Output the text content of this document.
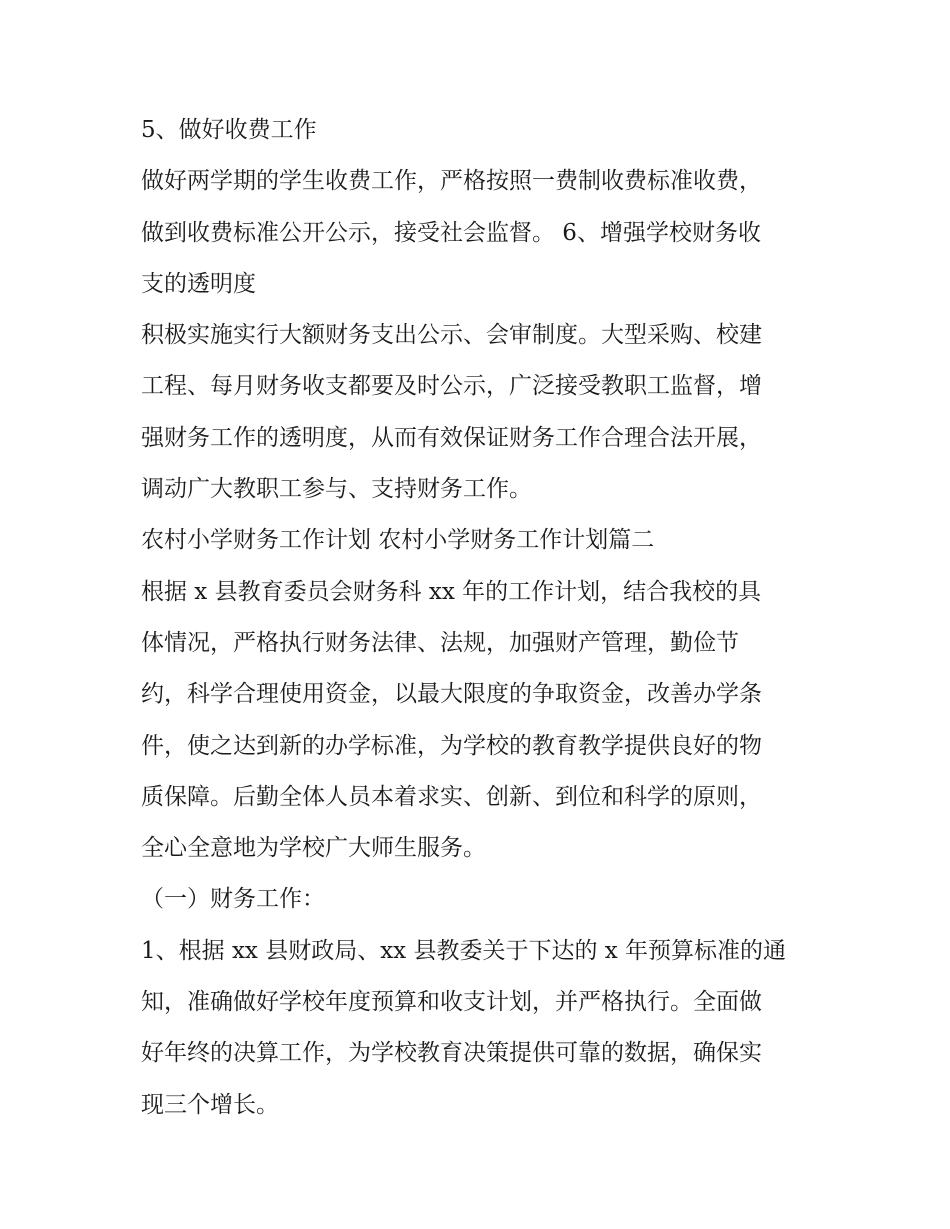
5、做好收费工作
做好两学期的学生收费工作，严格按照一费制收费标准收费，
做到收费标准公开公示，接受社会监督。 6、增强学校财务收
支的透明度
积极实施实行大额财务支出公示、会审制度。大型采购、校建
工程、每月财务收支都要及时公示，广泛接受教职工监督，增
强财务工作的透明度，从而有效保证财务工作合理合法开展，
调动广大教职工参与、支持财务工作。
农村小学财务工作计划 农村小学财务工作计划篇二
根据 x 县教育委员会财务科 xx 年的工作计划，结合我校的具
体情况，严格执行财务法律、法规，加强财产管理，勤俭节
约，科学合理使用资金，以最大限度的争取资金，改善办学条
件，使之达到新的办学标准，为学校的教育教学提供良好的物
质保障。后勤全体人员本着求实、创新、到位和科学的原则，
全心全意地为学校广大师生服务。
（一）财务工作：
1、根据 xx 县财政局、xx 县教委关于下达的 x 年预算标准的通
知，准确做好学校年度预算和收支计划，并严格执行。全面做
好年终的决算工作，为学校教育决策提供可靠的数据，确保实
现三个增长。
